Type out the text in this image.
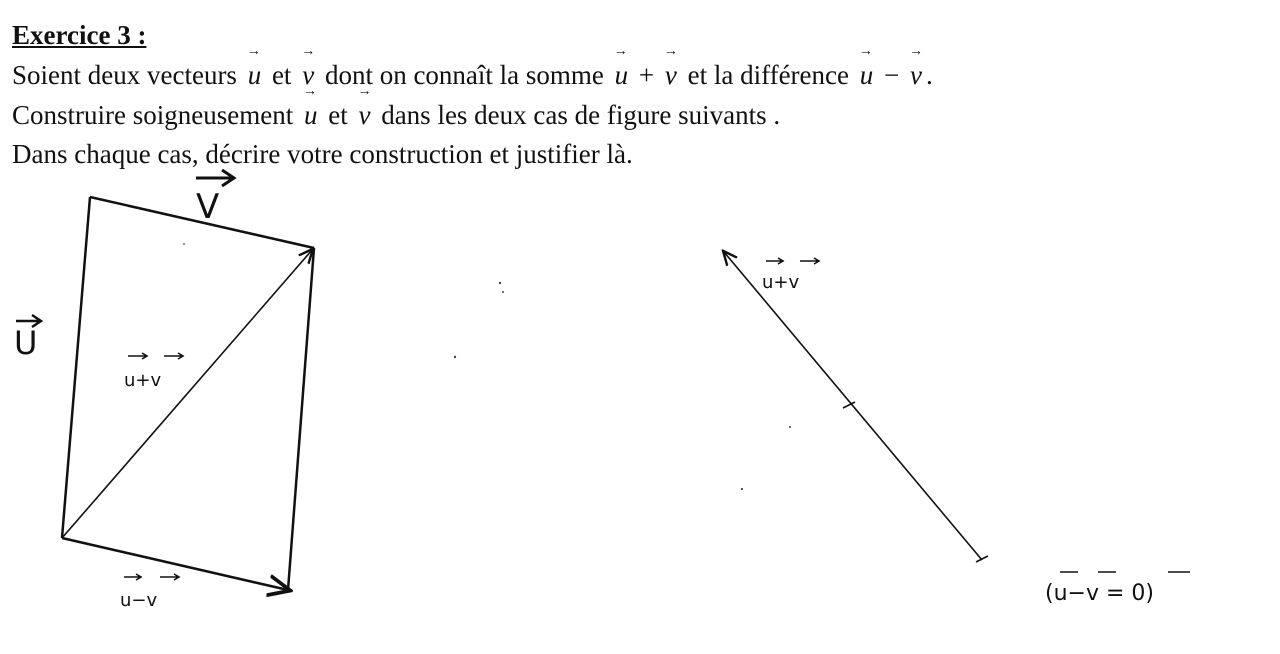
Exercice 3 :
Soient deux vecteurs → u et → v dont on connaît la somme → u + → v et la différence → u − → v .
Construire soigneusement → u et → v dans les deux cas de figure suivants .
Dans chaque cas, décrire votre construction et justifier là.
V
U
u+v
u−v
u+v
(u−v = 0)
